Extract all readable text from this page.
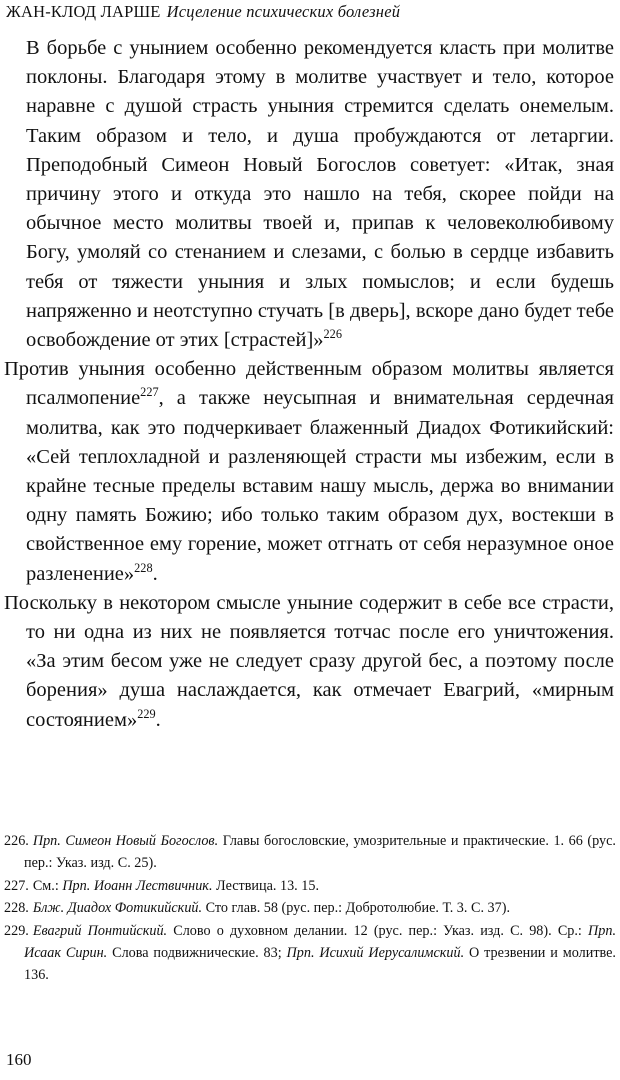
ЖАН-КЛОД ЛАРШЕ Исцеление психических болезней

В борьбе с унынием особенно рекомендуется класть при молитве поклоны. Благодаря этому в молитве участвует и тело, которое наравне с душой страсть уныния стремится сделать онемелым. Таким образом и тело, и душа пробуждаются от летаргии. Преподобный Симеон Новый Богослов советует: «Итак, зная причину этого и откуда это нашло на тебя, скорее пойди на обычное место молитвы твоей и, припав к человеколюбивому Богу, умоляй со стенанием и слезами, с болью в сердце избавить тебя от тяжести уныния и злых помыслов; и если будешь напряженно и неотступно стучать [в дверь], вскоре дано будет тебе освобождение от этих [страстей]»$^{226}$

Против уныния особенно действенным образом молитвы является псалмопение$^{227}$, а также неусыпная и внимательная сердечная молитва, как это подчеркивает блаженный Диадох Фотикийский: «Сей теплохладной и разленяющей страсти мы избежим, если в крайне тесные пределы вставим нашу мысль, держа во внимании одну память Божию; ибо только таким образом дух, востекши в свойственное ему горение, может отгнать от себя неразумное оное разленение»$^{228}$.

Поскольку в некотором смысле уныние содержит в себе все страсти, то ни одна из них не появляется тотчас после его уничтожения. «За этим бесом уже не следует сразу другой бес, а поэтому после борения» душа наслаждается, как отмечает Евагрий, «мирным состоянием»$^{229}$.

226. Прп. Симеон Новый Богослов. Главы богословские, умозрительные и практические. 1. 66 (рус. пер.: Указ. изд. С. 25).

227. См.: Прп. Иоанн Лествичник. Лествица. 13. 15.

228. Блж. Диадох Фотикийский. Сто глав. 58 (рус. пер.: Добротолюбие. Т. 3. С. 37).

229. Евагрий Понтийский. Слово о духовном делании. 12 (рус. пер.: Указ. изд. С. 98). Ср.: Прп. Исаак Сирин. Слова подвижнические. 83; Прп. Исихий Иерусалимский. О трезвении и молитве. 136.

160
